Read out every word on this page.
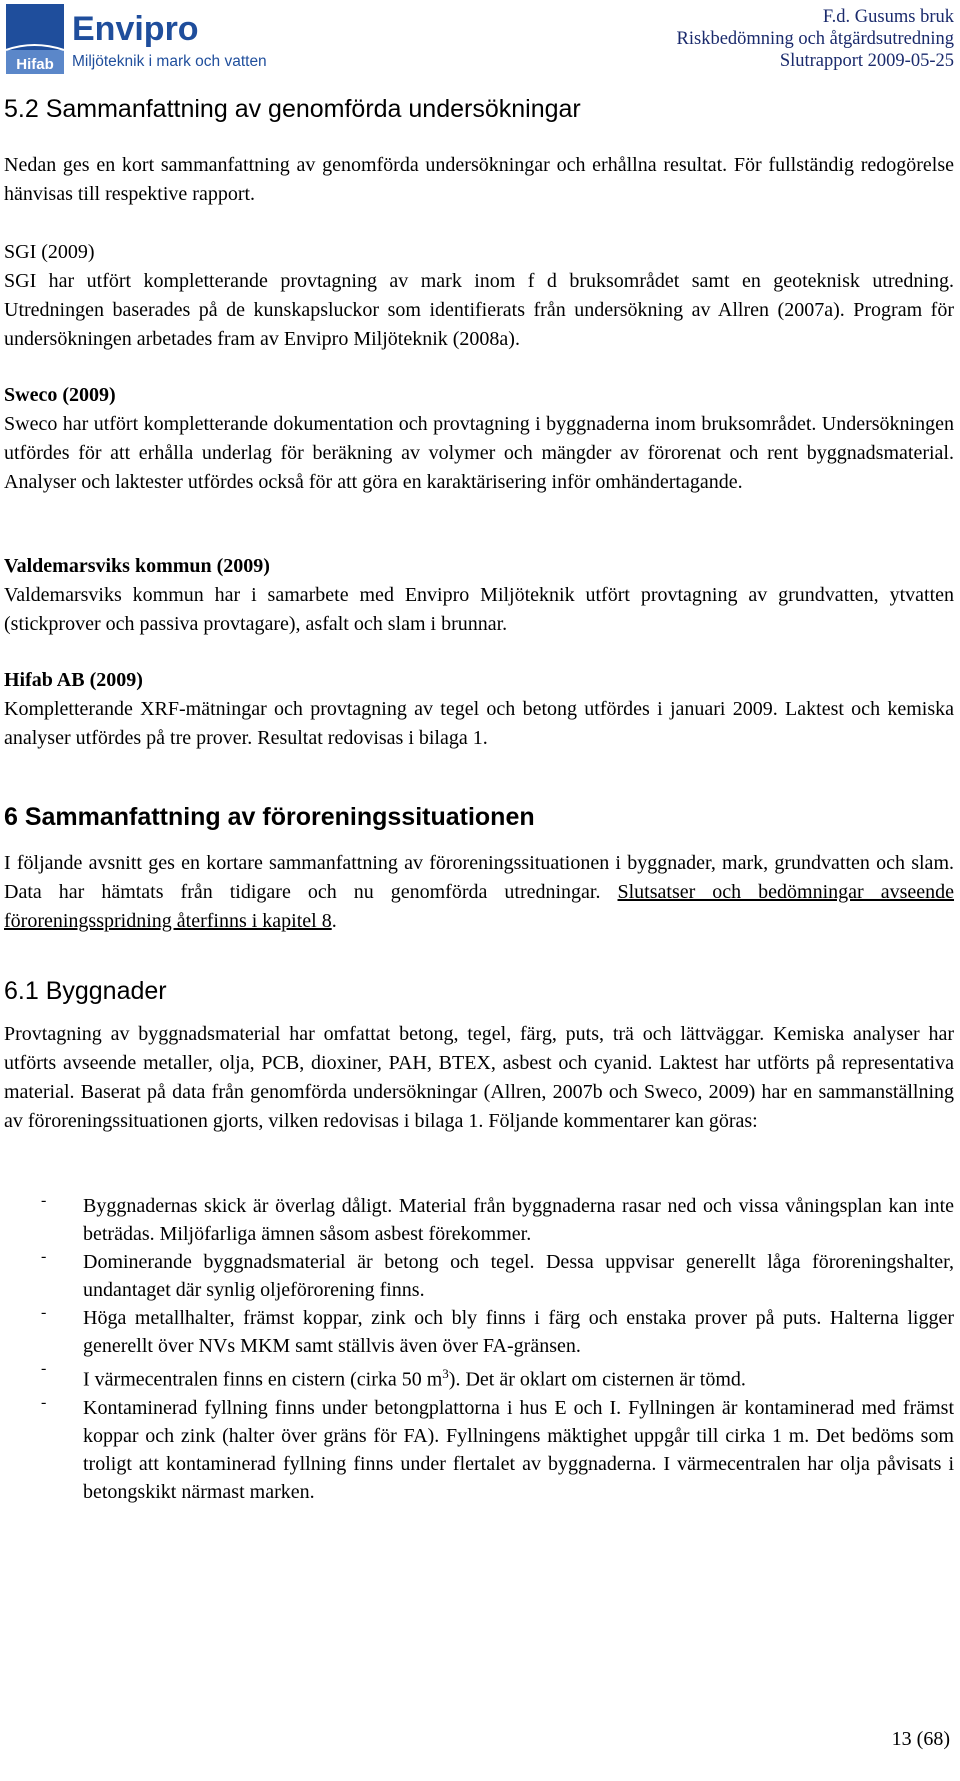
Hifab
Envipro
Miljöteknik i mark och vatten
F.d. Gusums bruk
Riskbedömning och åtgärdsutredning
Slutrapport 2009-05-25
5.2 Sammanfattning av genomförda undersökningar

Nedan ges en kort sammanfattning av genomförda undersökningar och erhållna resultat. För fullständig redogörelse hänvisas till respektive rapport.

SGI (2009)

SGI har utfört kompletterande provtagning av mark inom f d bruksområdet samt en geoteknisk utredning. Utredningen baserades på de kunskapsluckor som identifierats från undersökning av Allren (2007a). Program för undersökningen arbetades fram av Envipro Miljöteknik (2008a).

Sweco (2009)

Sweco har utfört kompletterande dokumentation och provtagning i byggnaderna inom bruksområdet. Undersökningen utfördes för att erhålla underlag för beräkning av volymer och mängder av förorenat och rent byggnadsmaterial. Analyser och laktester utfördes också för att göra en karaktärisering inför omhändertagande.

Valdemarsviks kommun (2009)

Valdemarsviks kommun har i samarbete med Envipro Miljöteknik utfört provtagning av grundvatten, ytvatten (stickprover och passiva provtagare), asfalt och slam i brunnar.

Hifab AB (2009)

Kompletterande XRF-mätningar och provtagning av tegel och betong utfördes i januari 2009. Laktest och kemiska analyser utfördes på tre prover. Resultat redovisas i bilaga 1.

6 Sammanfattning av föroreningssituationen

I följande avsnitt ges en kortare sammanfattning av föroreningssituationen i byggnader, mark, grundvatten och slam. Data har hämtats från tidigare och nu genomförda utredningar. Slutsatser och bedömningar avseende föroreningsspridning återfinns i kapitel 8.

6.1 Byggnader

Provtagning av byggnadsmaterial har omfattat betong, tegel, färg, puts, trä och lättväggar. Kemiska analyser har utförts avseende metaller, olja, PCB, dioxiner, PAH, BTEX, asbest och cyanid. Laktest har utförts på representativa material. Baserat på data från genomförda undersökningar (Allren, 2007b och Sweco, 2009) har en sammanställning av föroreningssituationen gjorts, vilken redovisas i bilaga 1. Följande kommentarer kan göras:

- Byggnadernas skick är överlag dåligt. Material från byggnaderna rasar ned och vissa våningsplan kan inte beträdas. Miljöfarliga ämnen såsom asbest förekommer.

- Dominerande byggnadsmaterial är betong och tegel. Dessa uppvisar generellt låga föroreningshalter, undantaget där synlig oljeförorening finns.

- Höga metallhalter, främst koppar, zink och bly finns i färg och enstaka prover på puts. Halterna ligger generellt över NVs MKM samt ställvis även över FA-gränsen.

-

I värmecentralen finns en cistern (cirka 50 $m^3$). Det är oklart om cisternen är tömd.

- Kontaminerad fyllning finns under betongplattorna i hus E och I. Fyllningen är kontaminerad med främst koppar och zink (halter över gräns för FA). Fyllningens mäktighet uppgår till cirka 1 m. Det bedöms som troligt att kontaminerad fyllning finns under flertalet av byggnaderna. I värmecentralen har olja påvisats i betongskikt närmast marken.

13 (68)
